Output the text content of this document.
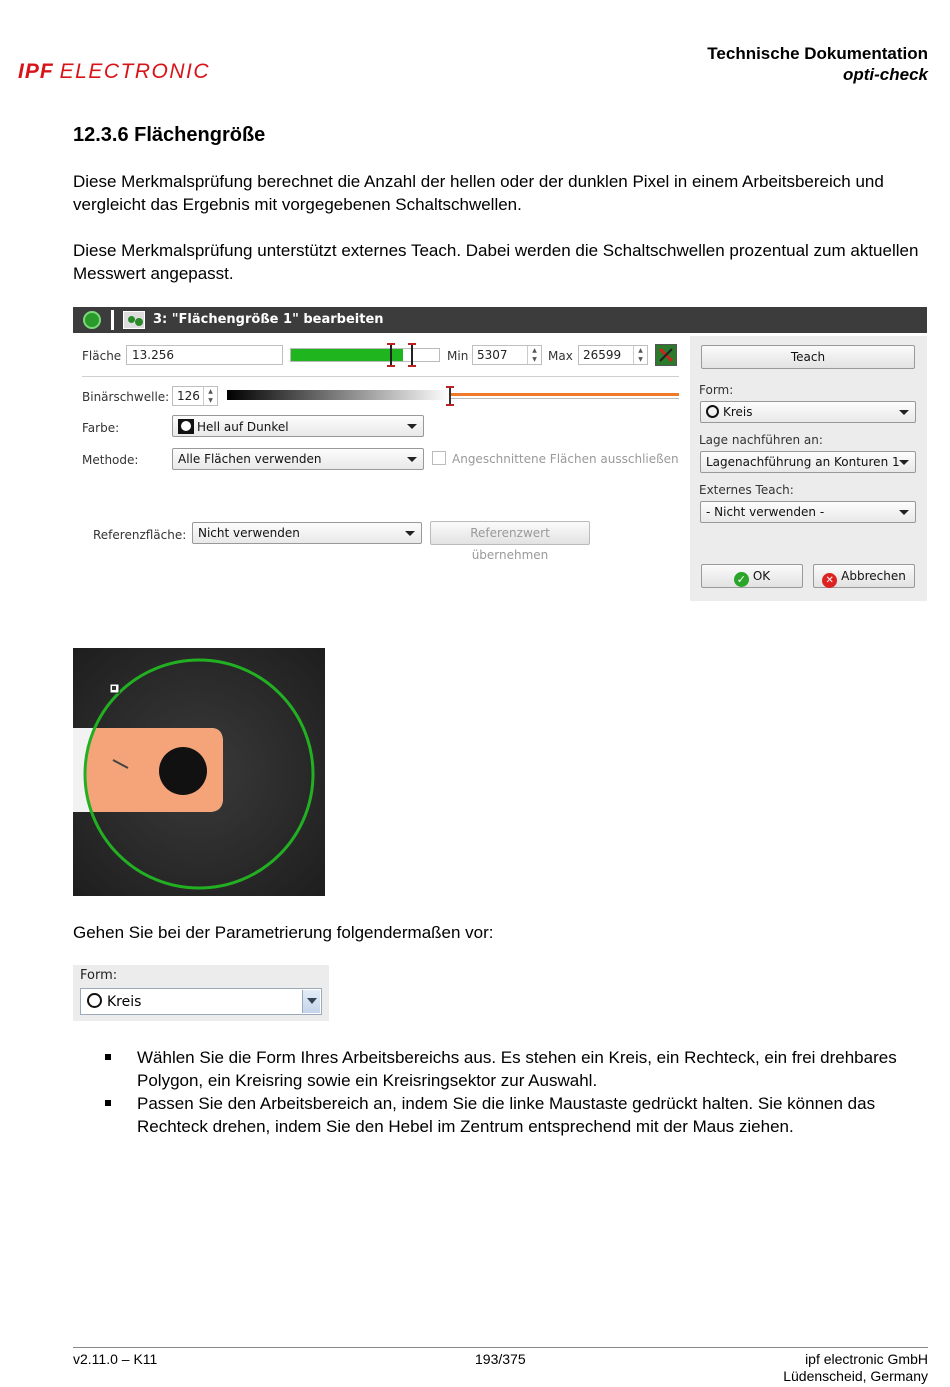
IPF ELECTRONIC
Technische Dokumentation
opti-check
12.3.6 Flächengröße
Diese Merkmalsprüfung berechnet die Anzahl der hellen oder der dunklen Pixel in einem Arbeitsbereich und vergleicht das Ergebnis mit vorgegebenen Schaltschwellen.
Diese Merkmalsprüfung unterstützt externes Teach. Dabei werden die Schaltschwellen prozentual zum aktuellen Messwert angepasst.
3: "Flächengröße 1" bearbeiten
Fläche 13.256	Min 5307	▲
▼ Max 26599	▲
▼
Binärschwelle: 126	▲
▼
Farbe:	Hell auf Dunkel
Methode:	Alle Flächen verwenden	Angeschnittene Flächen ausschließen
Referenzfläche: Nicht verwenden	Referenzwert übernehmen
Teach
Form:
Kreis
Lage nachführen an:
Lagenachführung an Konturen 1
Externes Teach:
- Nicht verwenden -
✓ OK	✕ Abbrechen
Gehen Sie bei der Parametrierung folgendermaßen vor:
Form:
Kreis
Wählen Sie die Form Ihres Arbeitsbereichs aus. Es stehen ein Kreis, ein Rechteck, ein frei drehbares Polygon, ein Kreisring sowie ein Kreisringsektor zur Auswahl.
Passen Sie den Arbeitsbereich an, indem Sie die linke Maustaste gedrückt halten. Sie können das Rechteck drehen, indem Sie den Hebel im Zentrum entsprechend mit der Maus ziehen.
v2.11.0 – K11	193/375	ipf electronic GmbH
Lüdenscheid, Germany
